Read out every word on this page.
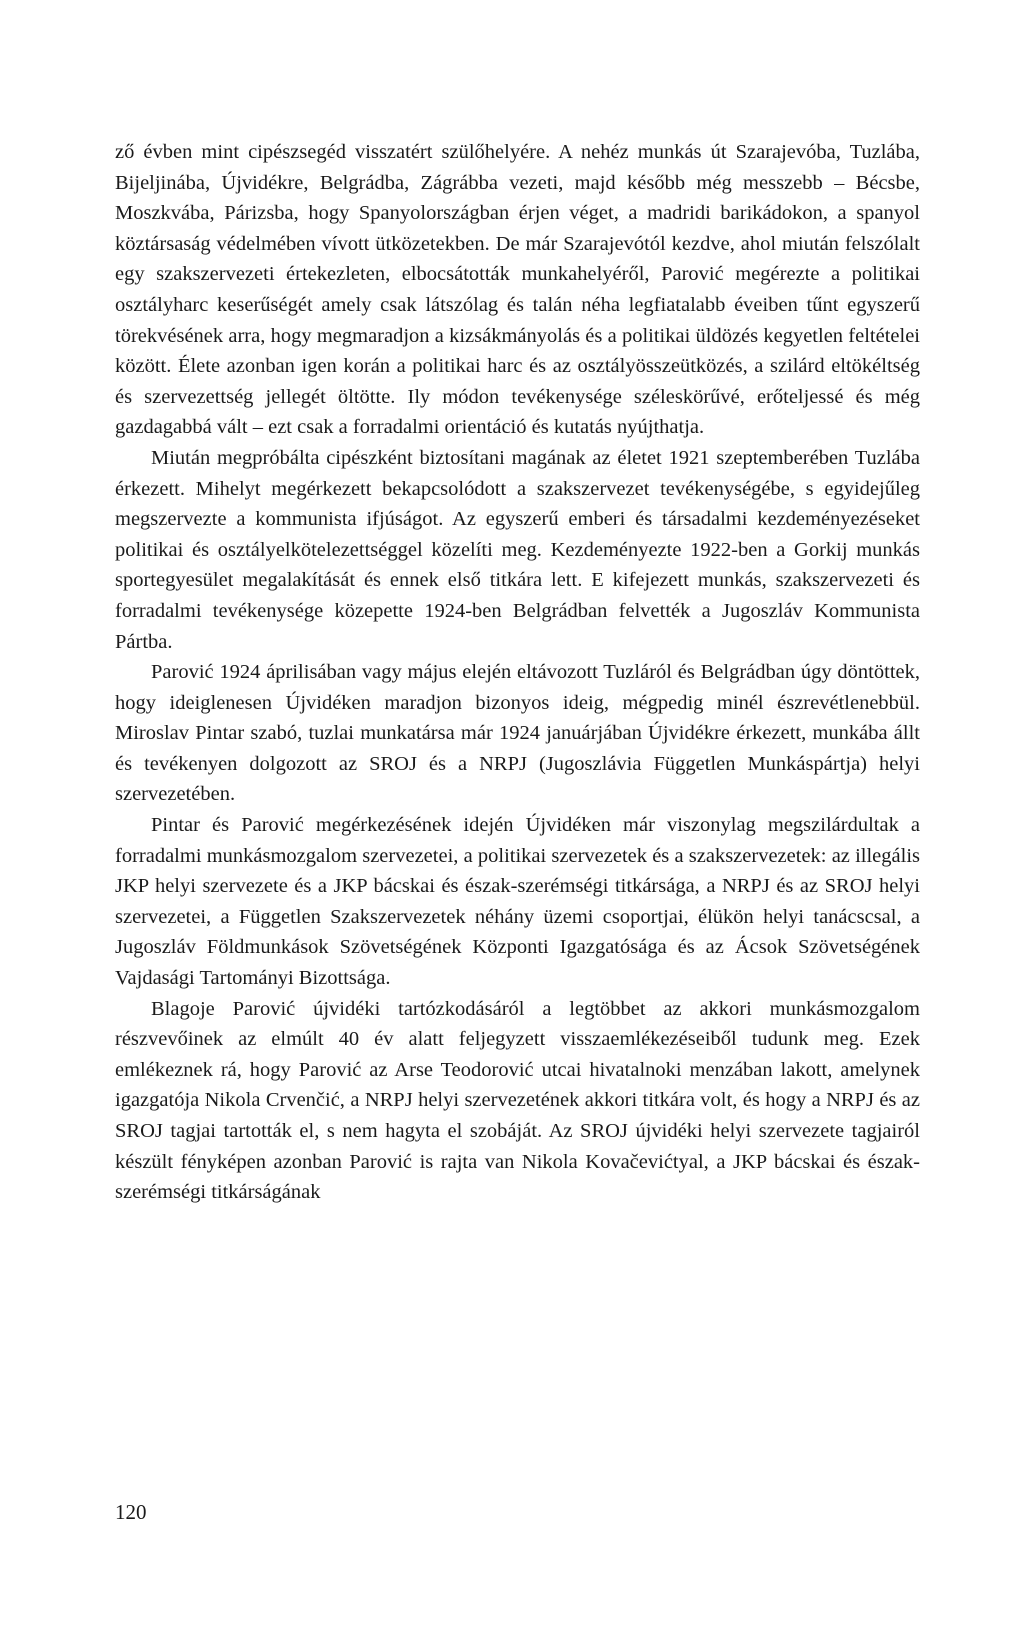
ző évben mint cipészsegéd visszatért szülőhelyére. A nehéz munkás út Szarajevóba, Tuzlába, Bijeljinába, Újvidékre, Belgrádba, Zágrábba vezeti, majd később még messzebb – Bécsbe, Moszkvába, Párizsba, hogy Spanyolországban érjen véget, a madridi barikádokon, a spanyol köztársaság védelmében vívott ütközetekben. De már Szarajevótól kezdve, ahol miután felszólalt egy szakszervezeti értekezleten, elbocsátották munkahelyéről, Parović megérezte a politikai osztályharc keserűségét amely csak látszólag és talán néha legfiatalabb éveiben tűnt egyszerű törekvésének arra, hogy megmaradjon a kizsákmányolás és a politikai üldözés kegyetlen feltételei között. Élete azonban igen korán a politikai harc és az osztályösszeütközés, a szilárd eltökéltség és szervezettség jellegét öltötte. Ily módon tevékenysége széleskörűvé, erőteljessé és még gazdagabbá vált – ezt csak a forradalmi orientáció és kutatás nyújthatja.

Miután megpróbálta cipészként biztosítani magának az életet 1921 szeptemberében Tuzlába érkezett. Mihelyt megérkezett bekapcsolódott a szakszervezet tevékenységébe, s egyidejűleg megszervezte a kommunista ifjúságot. Az egyszerű emberi és társadalmi kezdeményezéseket politikai és osztályelkötelezettséggel közelíti meg. Kezdeményezte 1922-ben a Gorkij munkás sportegyesület megalakítását és ennek első titkára lett. E kifejezett munkás, szakszervezeti és forradalmi tevékenysége közepette 1924-ben Belgrádban felvették a Jugoszláv Kommunista Pártba.

Parović 1924 áprilisában vagy május elején eltávozott Tuzláról és Belgrádban úgy döntöttek, hogy ideiglenesen Újvidéken maradjon bizonyos ideig, mégpedig minél észrevétlenebbül. Miroslav Pintar szabó, tuzlai munkatársa már 1924 januárjában Újvidékre érkezett, munkába állt és tevékenyen dolgozott az SROJ és a NRPJ (Jugoszlávia Független Munkáspártja) helyi szervezetében.

Pintar és Parović megérkezésének idején Újvidéken már viszonylag megszilárdultak a forradalmi munkásmozgalom szervezetei, a politikai szervezetek és a szakszervezetek: az illegális JKP helyi szervezete és a JKP bácskai és észak-szerémségi titkársága, a NRPJ és az SROJ helyi szervezetei, a Független Szakszervezetek néhány üzemi csoportjai, élükön helyi tanácscsal, a Jugoszláv Földmunkások Szövetségének Központi Igazgatósága és az Ácsok Szövetségének Vajdasági Tartományi Bizottsága.

Blagoje Parović újvidéki tartózkodásáról a legtöbbet az akkori munkásmozgalom részvevőinek az elmúlt 40 év alatt feljegyzett visszaemlékezéseiből tudunk meg. Ezek emlékeznek rá, hogy Parović az Arse Teodorović utcai hivatalnoki menzában lakott, amelynek igazgatója Nikola Crvenčić, a NRPJ helyi szervezetének akkori titkára volt, és hogy a NRPJ és az SROJ tagjai tartották el, s nem hagyta el szobáját. Az SROJ újvidéki helyi szervezete tagjairól készült fényképen azonban Parović is rajta van Nikola Kovačevićtyal, a JKP bácskai és észak-szerémségi titkárságának

120
